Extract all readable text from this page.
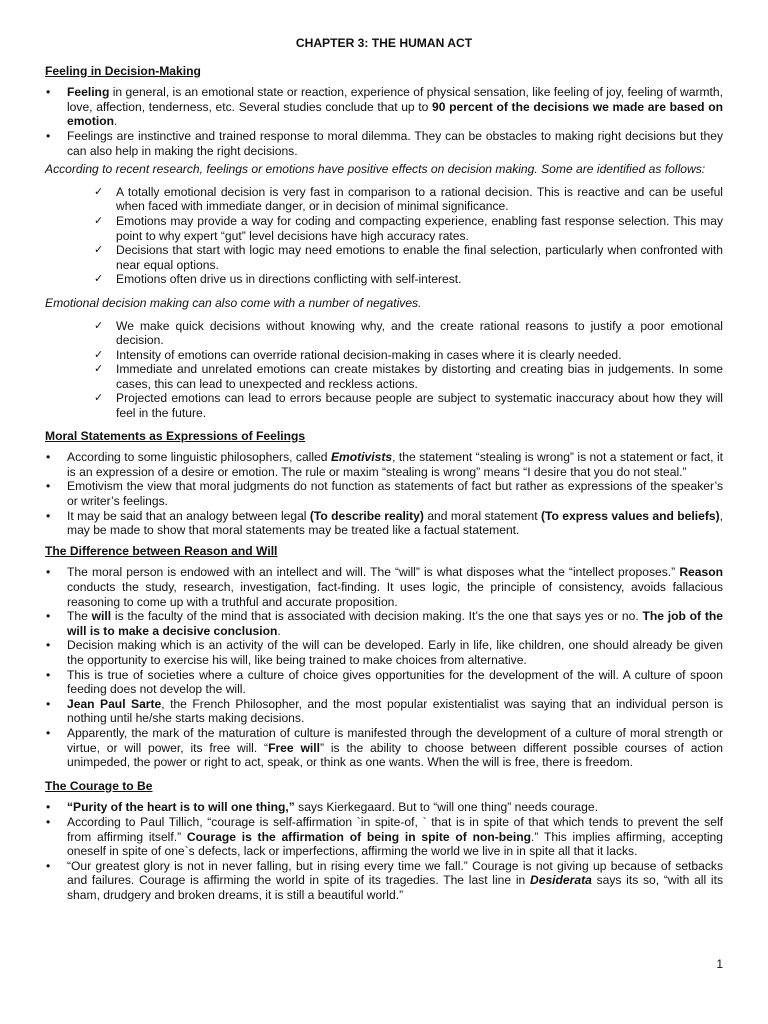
CHAPTER 3: THE HUMAN ACT
Feeling in Decision-Making
• Feeling in general, is an emotional state or reaction, experience of physical sensation, like feeling of joy, feeling of warmth, love, affection, tenderness, etc. Several studies conclude that up to 90 percent of the decisions we made are based on emotion.
• Feelings are instinctive and trained response to moral dilemma. They can be obstacles to making right decisions but they can also help in making the right decisions.
According to recent research, feelings or emotions have positive effects on decision making. Some are identified as follows:
✓ A totally emotional decision is very fast in comparison to a rational decision. This is reactive and can be useful when faced with immediate danger, or in decision of minimal significance.
✓ Emotions may provide a way for coding and compacting experience, enabling fast response selection. This may point to why expert “gut” level decisions have high accuracy rates.
✓ Decisions that start with logic may need emotions to enable the final selection, particularly when confronted with near equal options.
✓ Emotions often drive us in directions conflicting with self-interest.
Emotional decision making can also come with a number of negatives.
✓ We make quick decisions without knowing why, and the create rational reasons to justify a poor emotional decision.
✓ Intensity of emotions can override rational decision-making in cases where it is clearly needed.
✓ Immediate and unrelated emotions can create mistakes by distorting and creating bias in judgements. In some cases, this can lead to unexpected and reckless actions.
✓ Projected emotions can lead to errors because people are subject to systematic inaccuracy about how they will feel in the future.
Moral Statements as Expressions of Feelings
• According to some linguistic philosophers, called Emotivists, the statement “stealing is wrong” is not a statement or fact, it is an expression of a desire or emotion. The rule or maxim “stealing is wrong” means “I desire that you do not steal.”
• Emotivism the view that moral judgments do not function as statements of fact but rather as expressions of the speaker’s or writer’s feelings.
• It may be said that an analogy between legal (To describe reality) and moral statement (To express values and beliefs), may be made to show that moral statements may be treated like a factual statement.
The Difference between Reason and Will
• The moral person is endowed with an intellect and will. The “will” is what disposes what the “intellect proposes.” Reason conducts the study, research, investigation, fact-finding. It uses logic, the principle of consistency, avoids fallacious reasoning to come up with a truthful and accurate proposition.
• The will is the faculty of the mind that is associated with decision making. It’s the one that says yes or no. The job of the will is to make a decisive conclusion.
• Decision making which is an activity of the will can be developed. Early in life, like children, one should already be given the opportunity to exercise his will, like being trained to make choices from alternative.
• This is true of societies where a culture of choice gives opportunities for the development of the will. A culture of spoon feeding does not develop the will.
• Jean Paul Sarte, the French Philosopher, and the most popular existentialist was saying that an individual person is nothing until he/she starts making decisions.
• Apparently, the mark of the maturation of culture is manifested through the development of a culture of moral strength or virtue, or will power, its free will. “Free will” is the ability to choose between different possible courses of action unimpeded, the power or right to act, speak, or think as one wants. When the will is free, there is freedom.
The Courage to Be
• “Purity of the heart is to will one thing,” says Kierkegaard. But to “will one thing” needs courage.
• According to Paul Tillich, “courage is self-affirmation `in spite-of, ` that is in spite of that which tends to prevent the self from affirming itself.” Courage is the affirmation of being in spite of non-being.” This implies affirming, accepting oneself in spite of one`s defects, lack or imperfections, affirming the world we live in in spite all that it lacks.
• “Our greatest glory is not in never falling, but in rising every time we fall.” Courage is not giving up because of setbacks and failures. Courage is affirming the world in spite of its tragedies. The last line in Desiderata says its so, “with all its sham, drudgery and broken dreams, it is still a beautiful world.”
1
